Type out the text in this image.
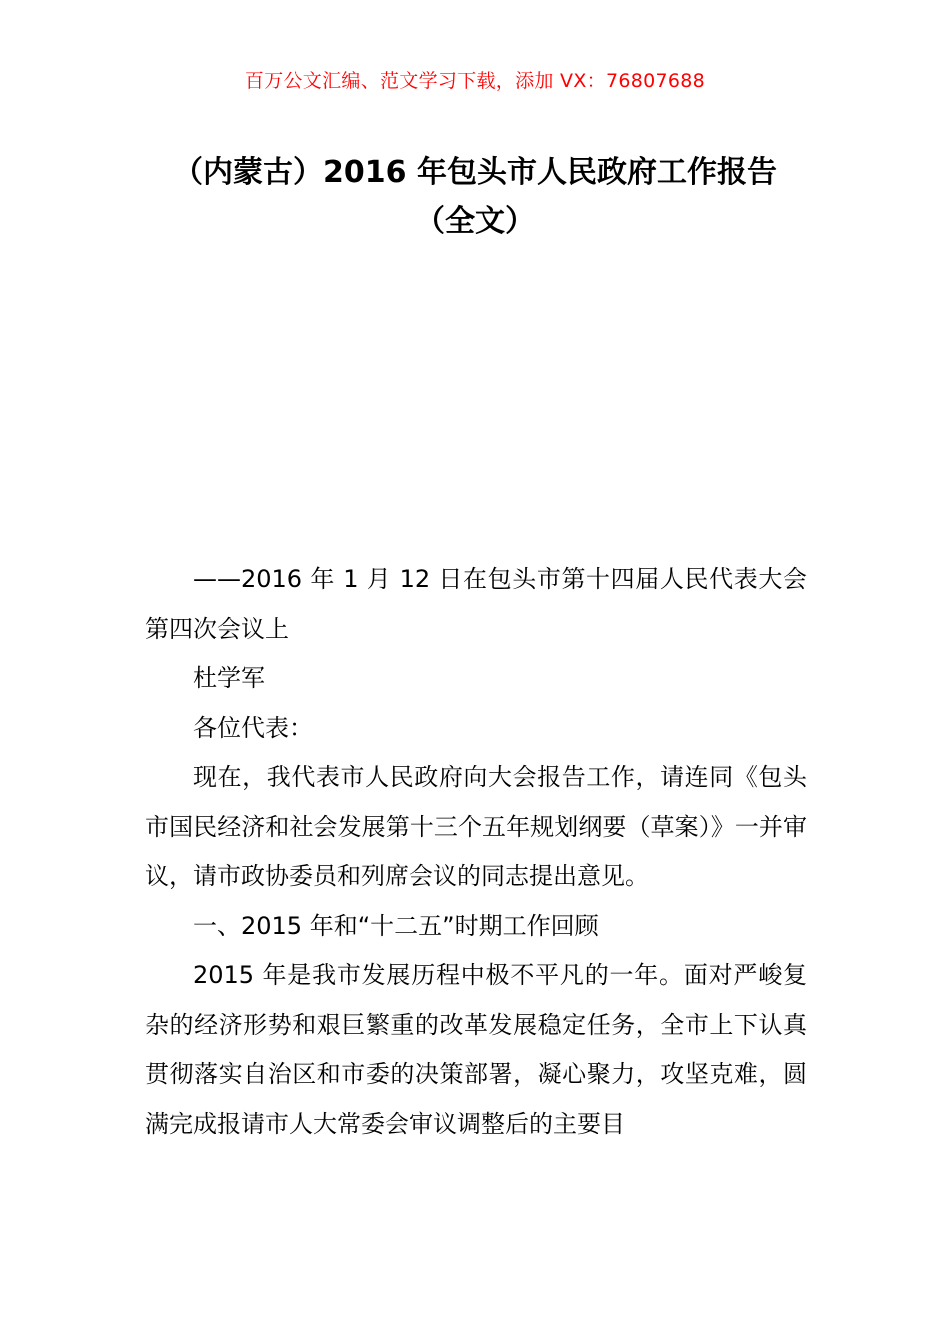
百万公文汇编、范文学习下载，添加 VX：76807688
（内蒙古）2016 年包头市人民政府工作报告（全文）

——2016 年 1 月 12 日在包头市第十四届人民代表大会第四次会议上

杜学军

各位代表：

现在，我代表市人民政府向大会报告工作，请连同《包头市国民经济和社会发展第十三个五年规划纲要（草案）》一并审议，请市政协委员和列席会议的同志提出意见。

一、2015 年和“十二五”时期工作回顾

2015 年是我市发展历程中极不平凡的一年。面对严峻复杂的经济形势和艰巨繁重的改革发展稳定任务，全市上下认真贯彻落实自治区和市委的决策部署，凝心聚力，攻坚克难，圆满完成报请市人大常委会审议调整后的主要目
